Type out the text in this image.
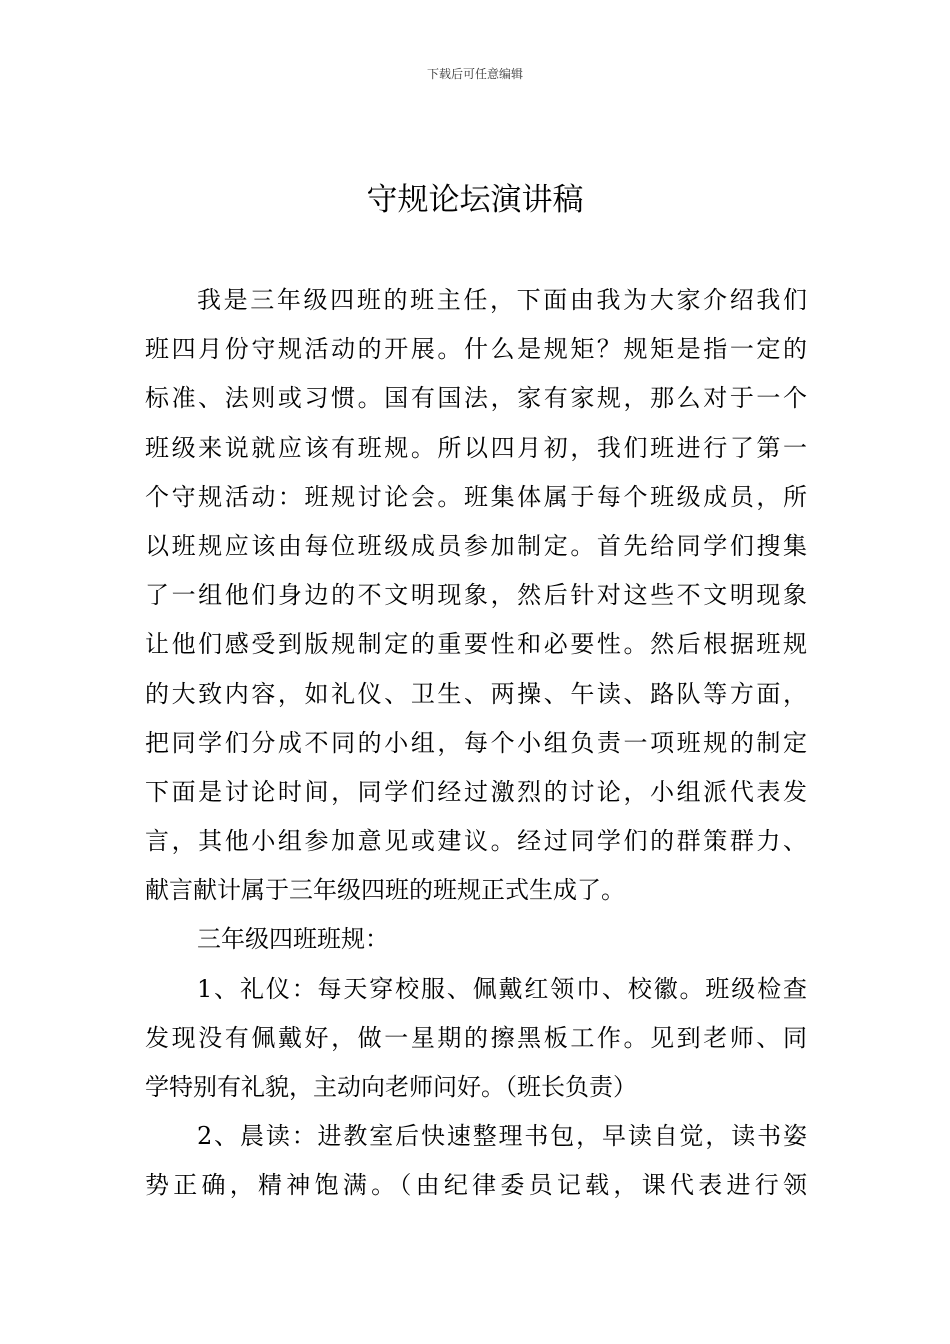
下载后可任意编辑
守规论坛演讲稿
我是三年级四班的班主任，下面由我为大家介绍我们
班四月份守规活动的开展。什么是规矩？规矩是指一定的
标准、法则或习惯。国有国法，家有家规，那么对于一个
班级来说就应该有班规。所以四月初，我们班进行了第一
个守规活动：班规讨论会。班集体属于每个班级成员，所
以班规应该由每位班级成员参加制定。首先给同学们搜集
了一组他们身边的不文明现象，然后针对这些不文明现象
让他们感受到版规制定的重要性和必要性。然后根据班规
的大致内容，如礼仪、卫生、两操、午读、路队等方面，
把同学们分成不同的小组，每个小组负责一项班规的制定
下面是讨论时间，同学们经过激烈的讨论，小组派代表发
言，其他小组参加意见或建议。经过同学们的群策群力、
献言献计属于三年级四班的班规正式生成了。
三年级四班班规：
1、礼仪：每天穿校服、佩戴红领巾、校徽。班级检查
发现没有佩戴好，做一星期的擦黑板工作。见到老师、同
学特别有礼貌，主动向老师问好。（班长负责）
2、晨读：进教室后快速整理书包，早读自觉，读书姿
势正确，精神饱满。（由纪律委员记载，课代表进行领
